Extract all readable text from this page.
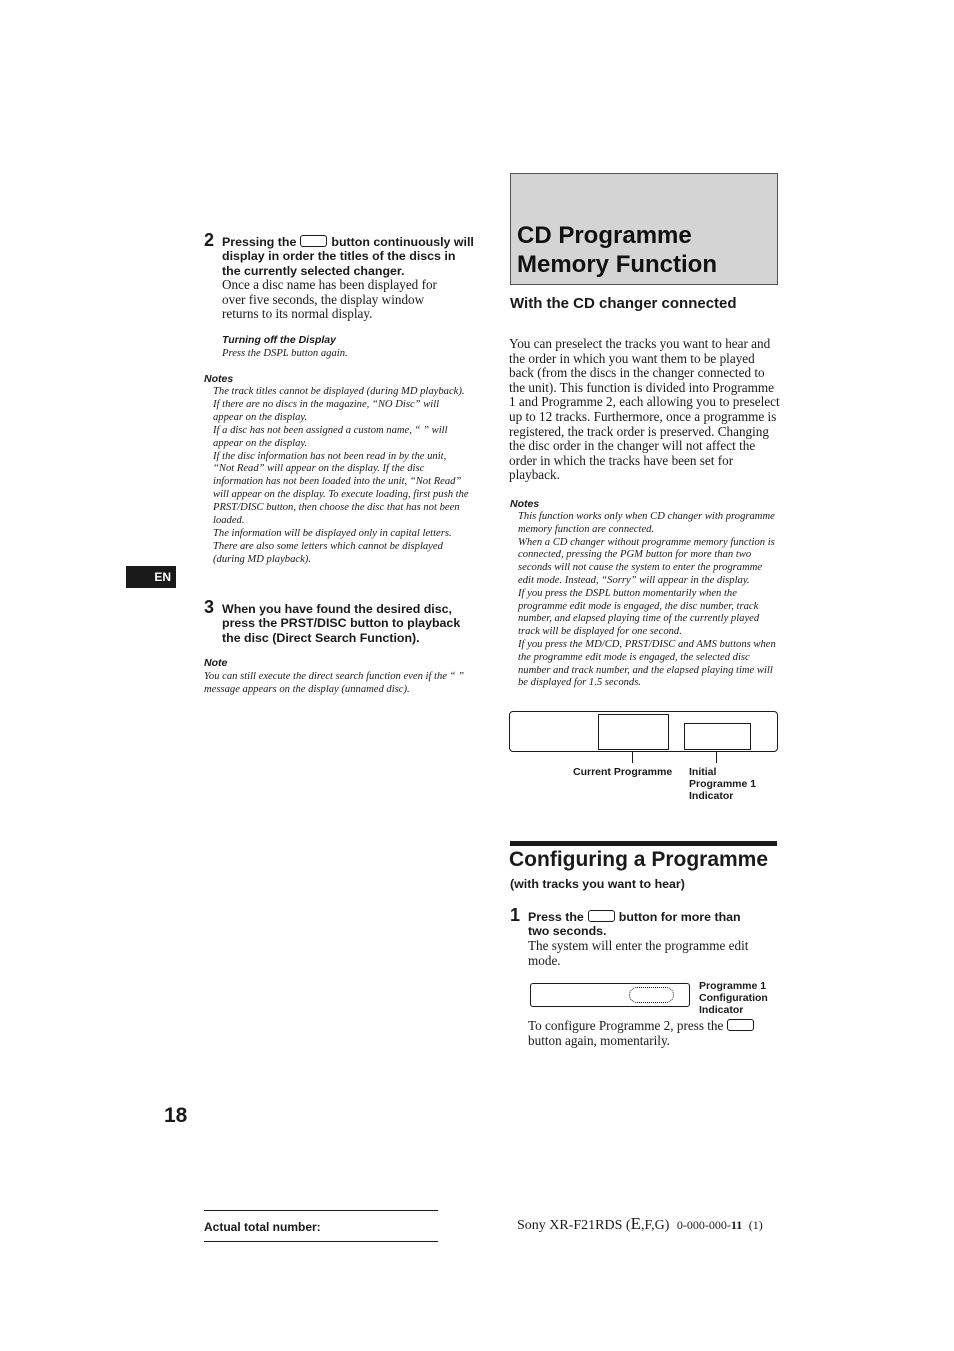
2 Pressing the	button continuously will display in order the titles of the discs in the currently selected changer.
Once a disc name has been displayed for over five seconds, the display window returns to its normal display.
Turning off the Display
Press the DSPL button again.
Notes

The track titles cannot be displayed (during MD playback).

If there are no discs in the magazine, “NO Disc” will appear on the display.

If a disc has not been assigned a custom name, “ ” will appear on the display.

If the disc information has not been read in by the unit, “Not Read” will appear on the display. If the disc information has not been loaded into the unit, “Not Read” will appear on the display. To execute loading, first push the PRST/DISC button, then choose the disc that has not been loaded.

The information will be displayed only in capital letters. There are also some letters which cannot be displayed (during MD playback).

EN
3 When you have found the desired disc, press the PRST/DISC button to playback the disc (Direct Search Function).
Note
You can still execute the direct search function even if the “ ” message appears on the display (unnamed disc).
18
CD Programme
Memory Function
With the CD changer connected
You can preselect the tracks you want to hear and the order in which you want them to be played back (from the discs in the changer connected to the unit). This function is divided into Programme 1 and Programme 2, each allowing you to preselect up to 12 tracks. Furthermore, once a programme is registered, the track order is preserved. Changing the disc order in the changer will not affect the order in which the tracks have been set for playback.
Notes

This function works only when CD changer with programme memory function are connected.

When a CD changer without programme memory function is connected, pressing the PGM button for more than two seconds will not cause the system to enter the programme edit mode. Instead, “Sorry” will appear in the display.

If you press the DSPL button momentarily when the programme edit mode is engaged, the disc number, track number, and elapsed playing time of the currently played track will be displayed for one second.

If you press the MD/CD, PRST/DISC and AMS buttons when the programme edit mode is engaged, the selected disc number and track number, and the elapsed playing time will be displayed for 1.5 seconds.

Current Programme Initial Programme 1 Indicator
Configuring a Programme
(with tracks you want to hear)
1 Press the	button for more than two seconds.
The system will enter the programme edit mode.
Programme 1 Configuration Indicator
To configure Programme 2, press thebutton again, momentarily.
Actual total number:	Sony XR-F21RDS (E,F,G) 0-000-000-11 (1)
